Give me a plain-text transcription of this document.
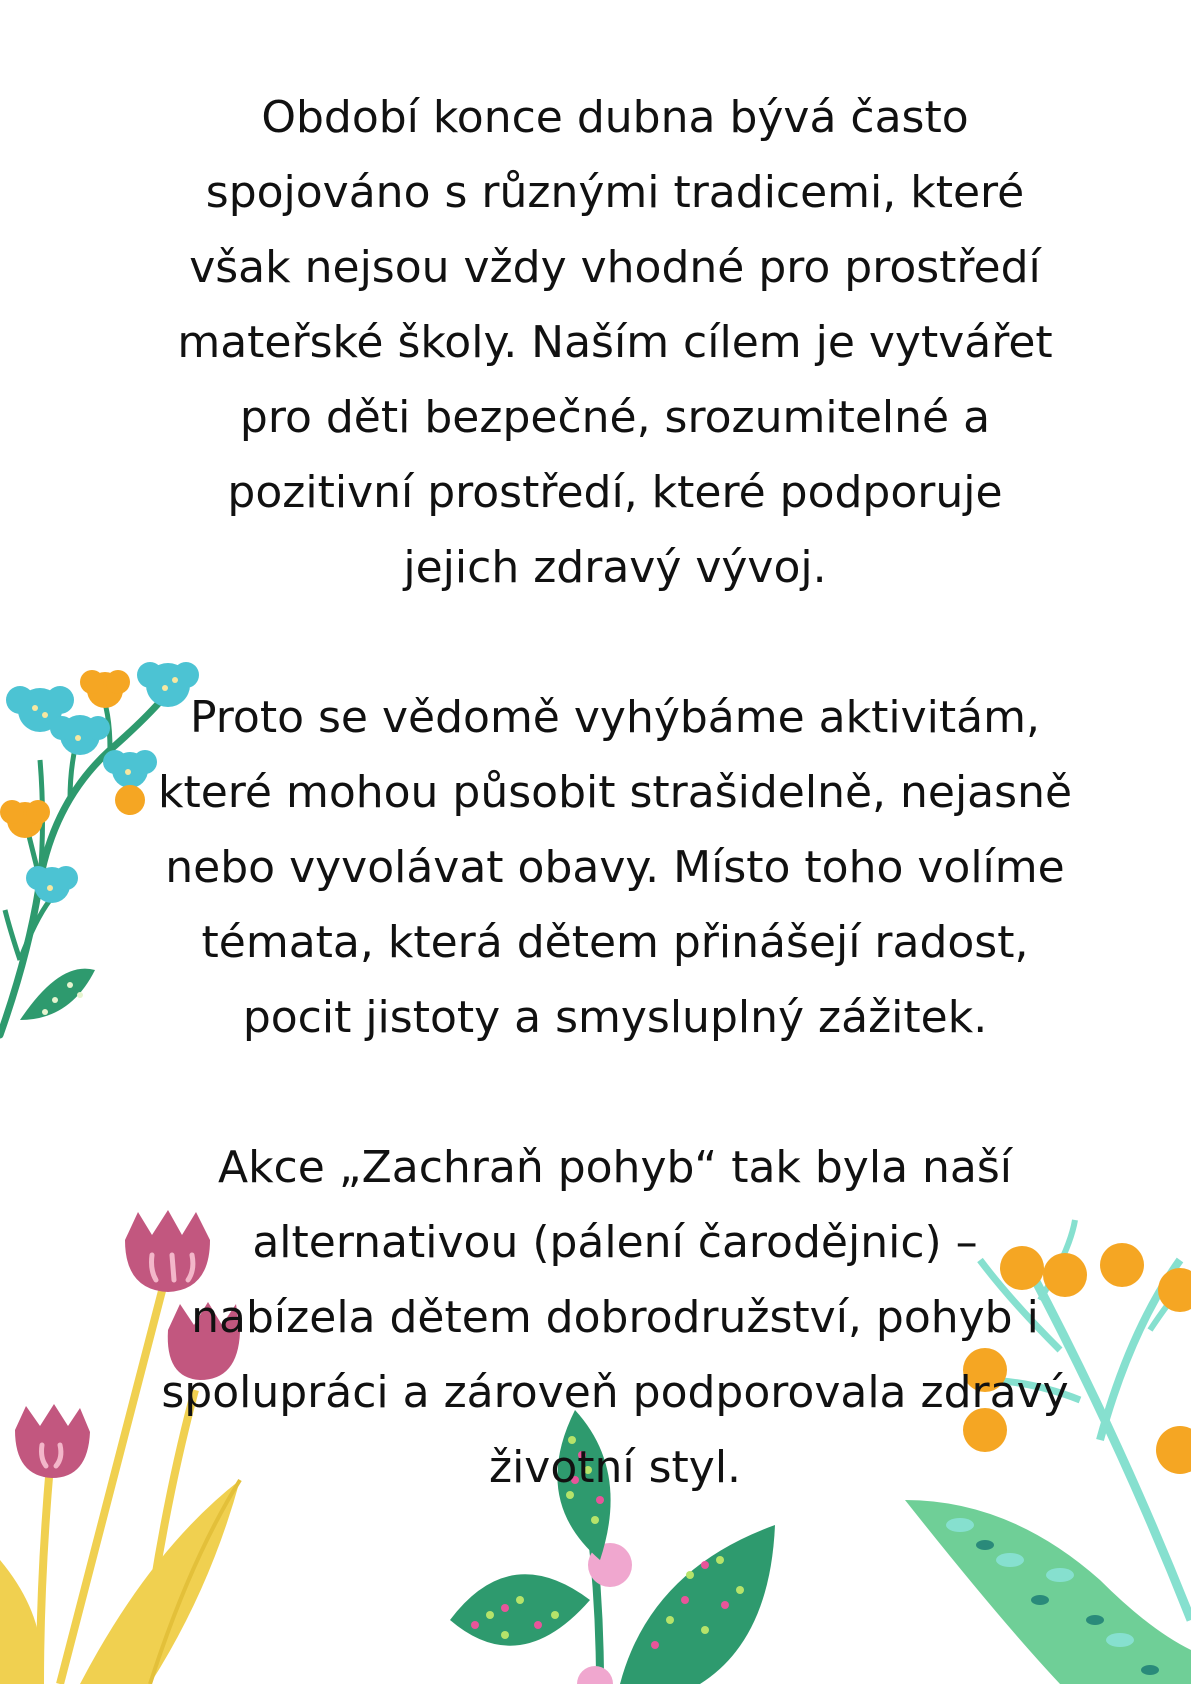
Období konce dubna bývá často
spojováno s různými tradicemi, které
však nejsou vždy vhodné pro prostředí
mateřské školy. Naším cílem je vytvářet
pro děti bezpečné, srozumitelné a
pozitivní prostředí, které podporuje
jejich zdravý vývoj.
Proto se vědomě vyhýbáme aktivitám,
které mohou působit strašidelně, nejasně
nebo vyvolávat obavy. Místo toho volíme
témata, která dětem přinášejí radost,
pocit jistoty a smysluplný zážitek.
Akce „Zachraň pohyb“ tak byla naší
alternativou (pálení čarodějnic) –
nabízela dětem dobrodružství, pohyb i
spolupráci a zároveň podporovala zdravý
životní styl.
